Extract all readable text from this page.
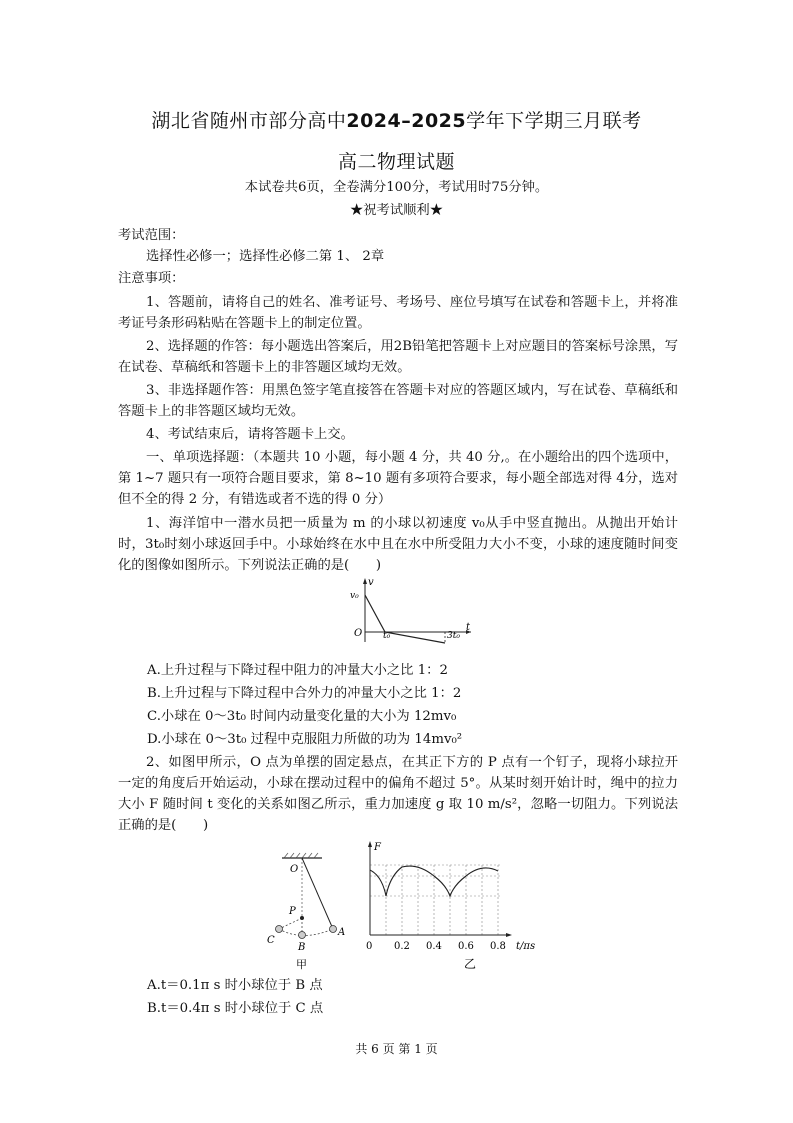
湖北省随州市部分高中2024–2025学年下学期三月联考
高二物理试题
本试卷共6页，全卷满分100分，考试用时75分钟。
★祝考试顺利★
考试范围：
选择性必修一；选择性必修二第 1、 2章
注意事项：
1、答题前，请将自己的姓名、准考证号、考场号、座位号填写在试卷和答题卡上，并将准考证号条形码粘贴在答题卡上的制定位置。
2、选择题的作答：每小题选出答案后，用2B铅笔把答题卡上对应题目的答案标号涂黑，写在试卷、草稿纸和答题卡上的非答题区域均无效。
3、非选择题作答：用黑色签字笔直接答在答题卡对应的答题区域内，写在试卷、草稿纸和答题卡上的非答题区域均无效。
4、考试结束后，请将答题卡上交。
一、单项选择题：（本题共 10 小题，每小题 4 分，共 40 分,。在小题给出的四个选项中，第 1~7 题只有一项符合题目要求，第 8~10 题有多项符合要求，每小题全部选对得 4分，选对但不全的得 2 分，有错选或者不选的得 0 分）
1、海洋馆中一潜水员把一质量为 m 的小球以初速度 v₀从手中竖直抛出。从抛出开始计时，3t₀时刻小球返回手中。小球始终在水中且在水中所受阻力大小不变，小球的速度随时间变化的图像如图所示。下列说法正确的是(　　)
v
v₀
O t₀	3t₀
t
A.上升过程与下降过程中阻力的冲量大小之比 1：2
B.上升过程与下降过程中合外力的冲量大小之比 1：2
C.小球在 0～3t₀ 时间内动量变化量的大小为 12mv₀
D.小球在 0～3t₀ 过程中克服阻力所做的功为 14mv₀²
2、如图甲所示，O 点为单摆的固定悬点，在其正下方的 P 点有一个钉子，现将小球拉开一定的角度后开始运动，小球在摆动过程中的偏角不超过 5°。从某时刻开始计时，绳中的拉力大小 F 随时间 t 变化的关系如图乙所示，重力加速度 g 取 10 m/s²，忽略一切阻力。下列说法正确的是(　　)
O
P
A
B
C
甲
F
0 0.2 0.4 0.6 0.8 t/πs
乙
A.t＝0.1π s 时小球位于 B 点
B.t＝0.4π s 时小球位于 C 点
共 6 页 第 1 页
